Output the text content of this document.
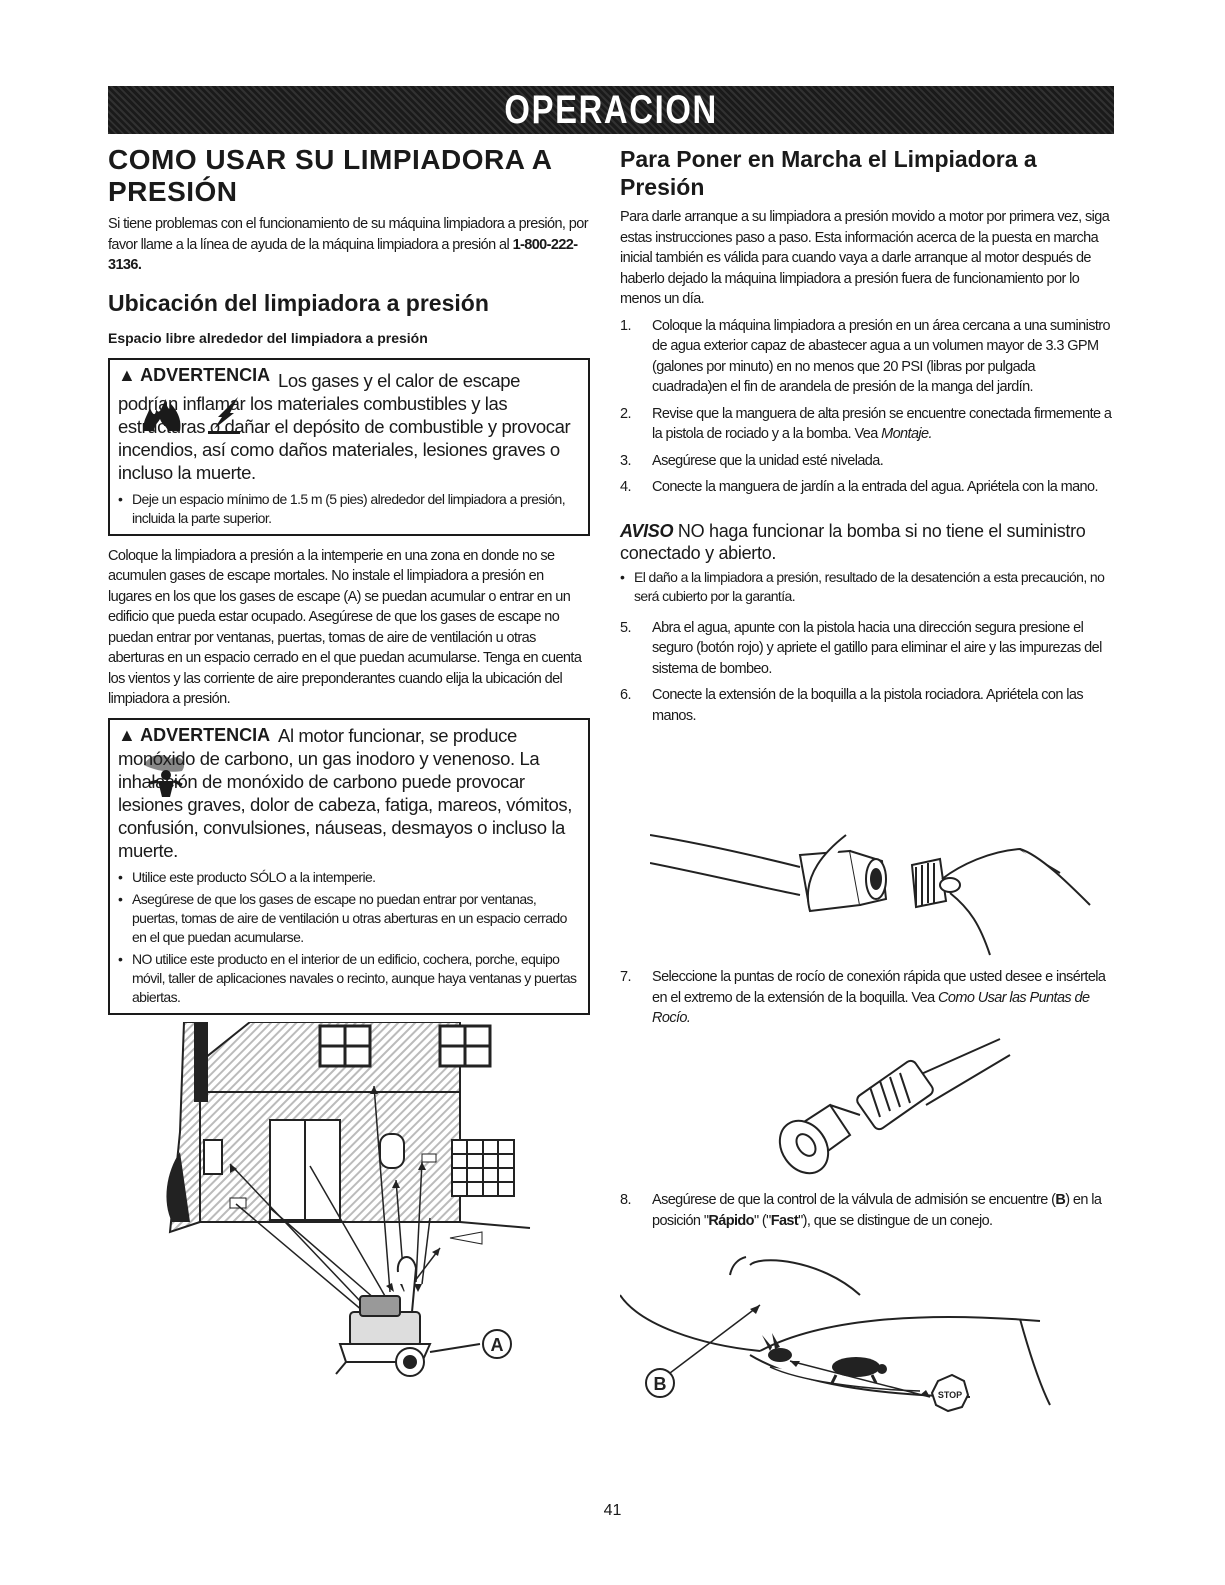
OPERACION
COMO USAR SU LIMPIADORA A PRESIÓN

Si tiene problemas con el funcionamiento de su máquina limpiadora a presión, por favor llame a la línea de ayuda de la máquina limpiadora a presión al 1-800-222-3136.

Ubicación del limpiadora a presión
Espacio libre alrededor del limpiadora a presión
▲ ADVERTENCIA Los gases y el calor de escape podrían inflamar los materiales combustibles y las estructuras o dañar el depósito de combustible y provocar incendios, así como daños materiales, lesiones graves o incluso la muerte.

• Deje un espacio mínimo de 1.5 m (5 pies) alrededor del limpiadora a presión, incluida la parte superior.

Coloque la limpiadora a presión a la intemperie en una zona en donde no se acumulen gases de escape mortales. No instale el limpiadora a presión en lugares en los que los gases de escape (A) se puedan acumular o entrar en un edificio que pueda estar ocupado. Asegúrese de que los gases de escape no puedan entrar por ventanas, puertas, tomas de aire de ventilación u otras aberturas en un espacio cerrado en el que puedan acumularse. Tenga en cuenta los vientos y las corriente de aire preponderantes cuando elija la ubicación del limpiadora a presión.

▲ ADVERTENCIA Al motor funcionar, se produce monóxido de carbono, un gas inodoro y venenoso. La inhalación de monóxido de carbono puede provocar lesiones graves, dolor de cabeza, fatiga, mareos, vómitos, confusión, convulsiones, náuseas, desmayos o incluso la muerte.

• Utilice este producto SÓLO a la intemperie.
• Asegúrese de que los gases de escape no puedan entrar por ventanas, puertas, tomas de aire de ventilación u otras aberturas en un espacio cerrado en el que puedan acumularse.
• NO utilice este producto en el interior de un edificio, cochera, porche, equipo móvil, taller de aplicaciones navales o recinto, aunque haya ventanas y puertas abiertas.
A
Para Poner en Marcha el Limpiadora a Presión

Para darle arranque a su limpiadora a presión movido a motor por primera vez, siga estas instrucciones paso a paso. Esta información acerca de la puesta en marcha inicial también es válida para cuando vaya a darle arranque al motor después de haberlo dejado la máquina limpiadora a presión fuera de funcionamiento por lo menos un día.

1. Coloque la máquina limpiadora a presión en un área cercana a una suministro de agua exterior capaz de abastecer agua a un volumen mayor de 3.3 GPM (galones por minuto) en no menos que 20 PSI (libras por pulgada cuadrada)en el fin de arandela de presión de la manga del jardín.
2. Revise que la manguera de alta presión se encuentre conectada firmemente a la pistola de rociado y a la bomba. Vea Montaje.
3. Asegúrese que la unidad esté nivelada.
4. Conecte la manguera de jardín a la entrada del agua. Apriétela con la mano.
AVISO NO haga funcionar la bomba si no tiene el suministro conectado y abierto.
• El daño a la limpiadora a presión, resultado de la desatención a esta precaución, no será cubierto por la garantía.
5. Abra el agua, apunte con la pistola hacia una dirección segura presione el seguro (botón rojo) y apriete el gatillo para eliminar el aire y las impurezas del sistema de bombeo.
6. Conecte la extensión de la boquilla a la pistola rociadora. Apriétela con las manos.
7. Seleccione la puntas de rocío de conexión rápida que usted desee e insértela en el extremo de la extensión de la boquilla. Vea Como Usar las Puntas de Rocío.
8. Asegúrese de que la control de la válvula de admisión se encuentre (B) en la posición "Rápido" ("Fast"), que se distingue de un conejo.
STOP
B
41
